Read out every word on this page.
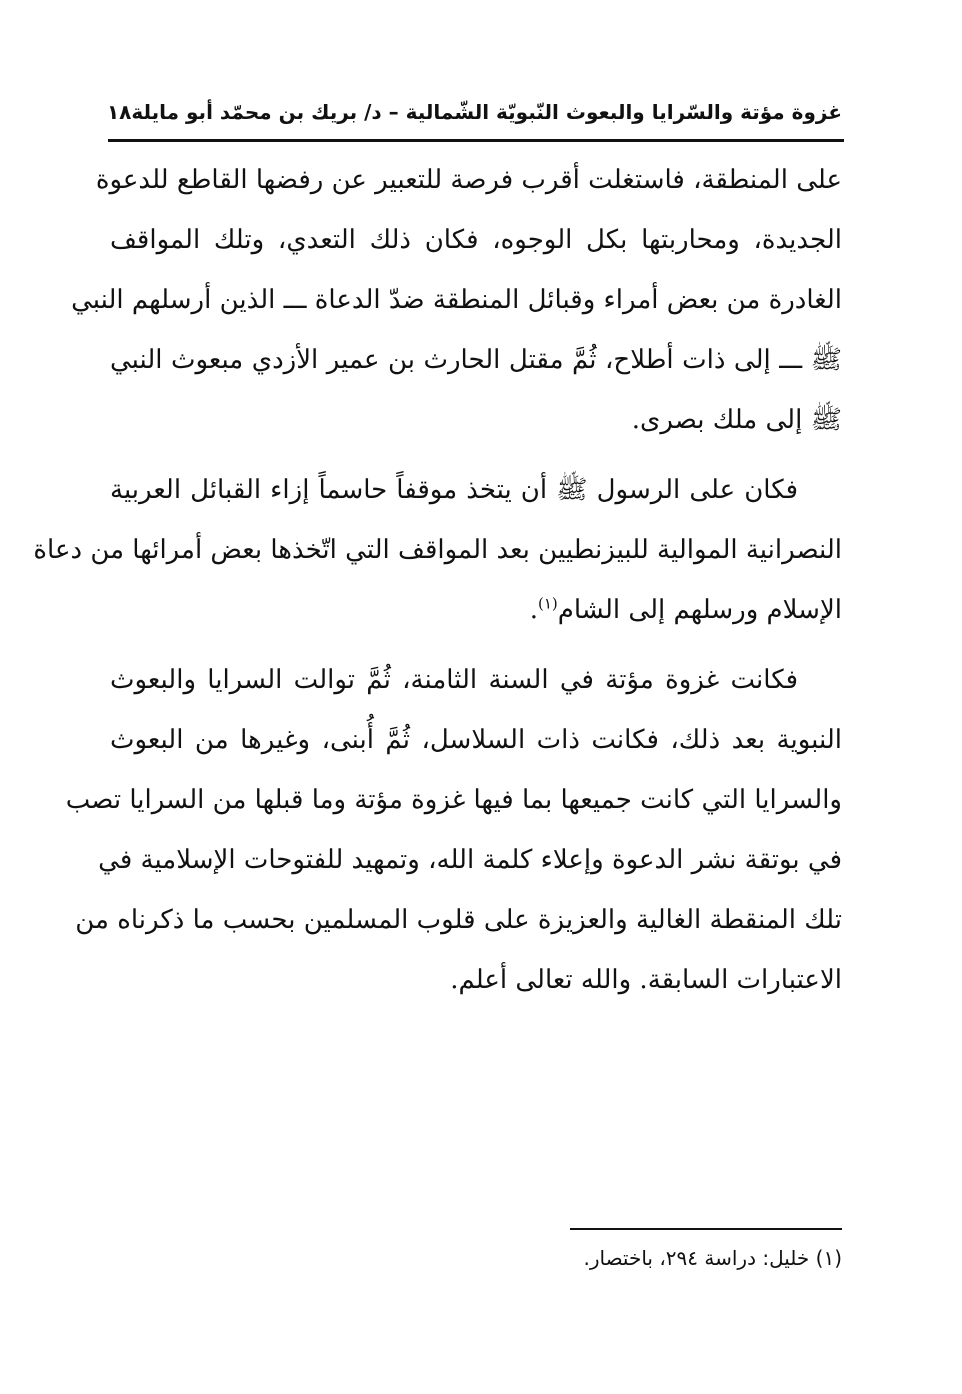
غزوة مؤتة والسّرايا والبعوث النّبويّة الشّمالية – د/ بريك بن محمّد أبو مايلة
١٨
على المنطقة، فاستغلت أقرب فرصة للتعبير عن رفضها القاطع للدعوة
الجديدة، ومحاربتها بكل الوجوه، فكان ذلك التعدي، وتلك المواقف
الغادرة من بعض أمراء وقبائل المنطقة ضدّ الدعاة ـــ الذين أرسلهم النبي
ﷺ ـــ إلى ذات أطلاح، ثُمَّ مقتل الحارث بن عمير الأزدي مبعوث النبي
ﷺ إلى ملك بصرى.
فكان على الرسول ﷺ أن يتخذ موقفاً حاسماً إزاء القبائل العربية
النصرانية الموالية للبيزنطيين بعد المواقف التي اتّخذها بعض أمرائها من دعاة
الإسلام ورسلهم إلى الشام$^{(١)}$.
فكانت غزوة مؤتة في السنة الثامنة، ثُمَّ توالت السرايا والبعوث
النبوية بعد ذلك، فكانت ذات السلاسل، ثُمَّ أُبنى، وغيرها من البعوث
والسرايا التي كانت جميعها بما فيها غزوة مؤتة وما قبلها من السرايا تصب
في بوتقة نشر الدعوة وإعلاء كلمة الله، وتمهيد للفتوحات الإسلامية في
تلك المنقطة الغالية والعزيزة على قلوب المسلمين بحسب ما ذكرناه من
الاعتبارات السابقة. والله تعالى أعلم.
(١) خليل: دراسة ٢٩٤، باختصار.
